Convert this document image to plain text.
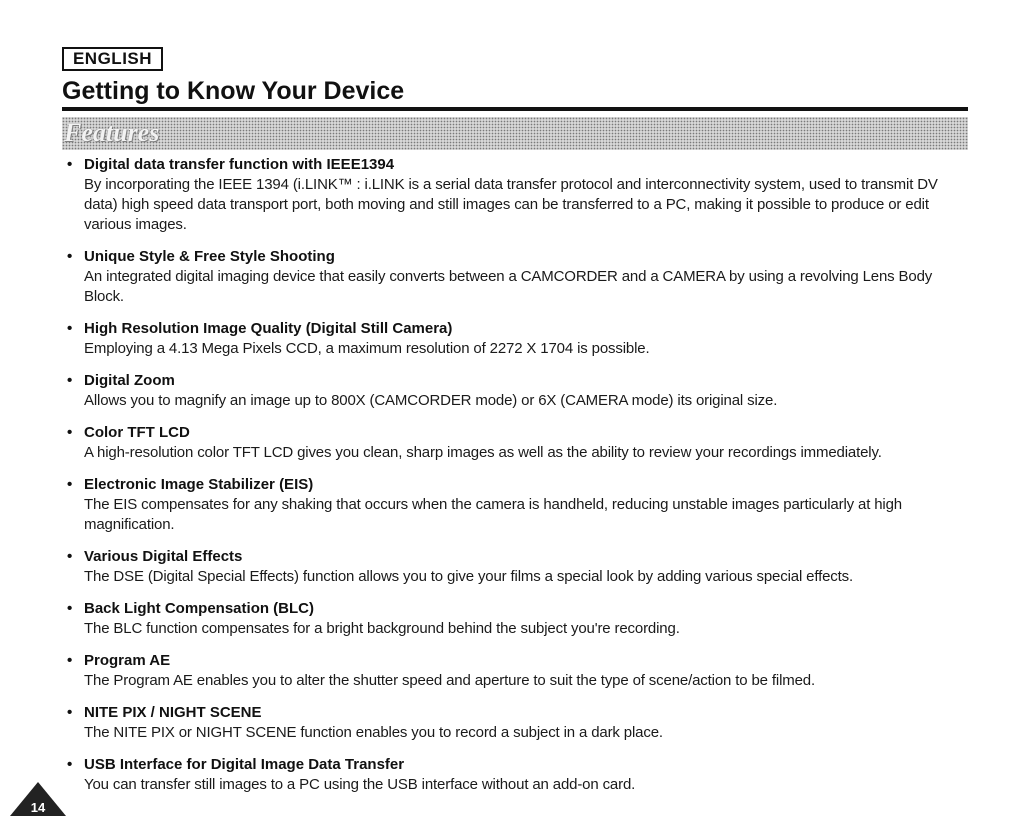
ENGLISH
Getting to Know Your Device
Features
• Digital data transfer function with IEEE1394
By incorporating the IEEE 1394 (i.LINK™ : i.LINK is a serial data transfer protocol and interconnectivity system, used to transmit DV data) high speed data transport port, both moving and still images can be transferred to a PC, making it possible to produce or edit various images.
• Unique Style & Free Style Shooting
An integrated digital imaging device that easily converts between a CAMCORDER and a CAMERA by using a revolving Lens Body Block.
• High Resolution Image Quality (Digital Still Camera)
Employing a 4.13 Mega Pixels CCD, a maximum resolution of 2272 X 1704 is possible.
• Digital Zoom
Allows you to magnify an image up to 800X (CAMCORDER mode) or 6X (CAMERA mode) its original size.
• Color TFT LCD
A high-resolution color TFT LCD gives you clean, sharp images as well as the ability to review your recordings immediately.
• Electronic Image Stabilizer (EIS)
The EIS compensates for any shaking that occurs when the camera is handheld, reducing unstable images particularly at high magnification.
• Various Digital Effects
The DSE (Digital Special Effects) function allows you to give your films a special look by adding various special effects.
• Back Light Compensation (BLC)
The BLC function compensates for a bright background behind the subject you're recording.
• Program AE
The Program AE enables you to alter the shutter speed and aperture to suit the type of scene/action to be filmed.
• NITE PIX / NIGHT SCENE
The NITE PIX or NIGHT SCENE function enables you to record a subject in a dark place.
• USB Interface for Digital Image Data Transfer
You can transfer still images to a PC using the USB interface without an add-on card.
14
